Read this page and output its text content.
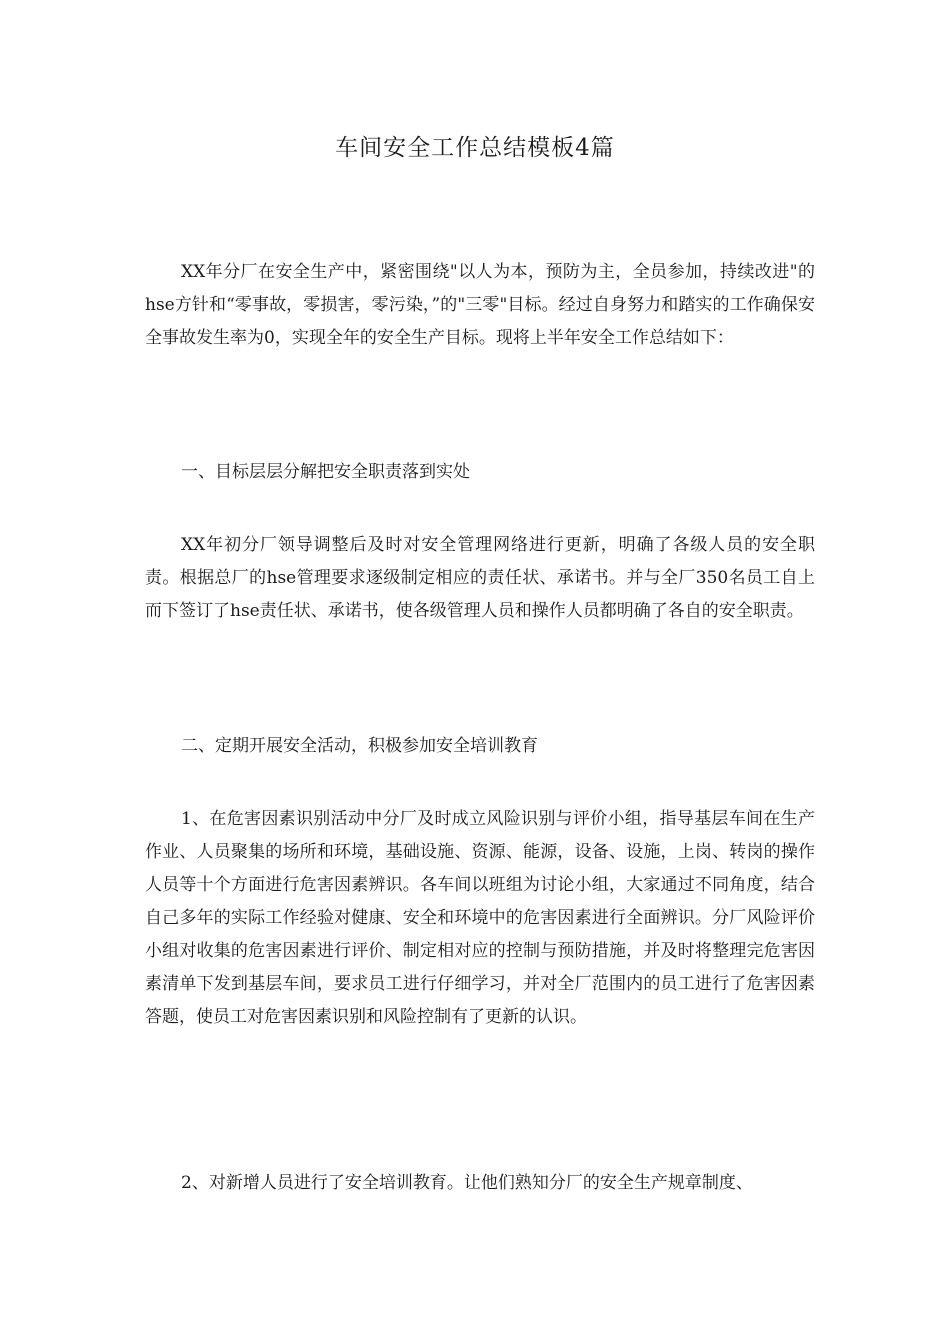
车间安全工作总结模板4篇

XX年分厂在安全生产中，紧密围绕"以人为本，预防为主，全员参加，持续改进"的hse方针和“零事故，零损害，零污染，”的"三零"目标。经过自身努力和踏实的工作确保安全事故发生率为0，实现全年的安全生产目标。现将上半年安全工作总结如下：

一、目标层层分解把安全职责落到实处

XX年初分厂领导调整后及时对安全管理网络进行更新，明确了各级人员的安全职责。根据总厂的hse管理要求逐级制定相应的责任状、承诺书。并与全厂350名员工自上而下签订了hse责任状、承诺书，使各级管理人员和操作人员都明确了各自的安全职责。

二、定期开展安全活动，积极参加安全培训教育

1、在危害因素识别活动中分厂及时成立风险识别与评价小组，指导基层车间在生产作业、人员聚集的场所和环境，基础设施、资源、能源，设备、设施，上岗、转岗的操作人员等十个方面进行危害因素辨识。各车间以班组为讨论小组，大家通过不同角度，结合自己多年的实际工作经验对健康、安全和环境中的危害因素进行全面辨识。分厂风险评价小组对收集的危害因素进行评价、制定相对应的控制与预防措施，并及时将整理完危害因素清单下发到基层车间，要求员工进行仔细学习，并对全厂范围内的员工进行了危害因素答题，使员工对危害因素识别和风险控制有了更新的认识。

2、对新增人员进行了安全培训教育。让他们熟知分厂的安全生产规章制度、
